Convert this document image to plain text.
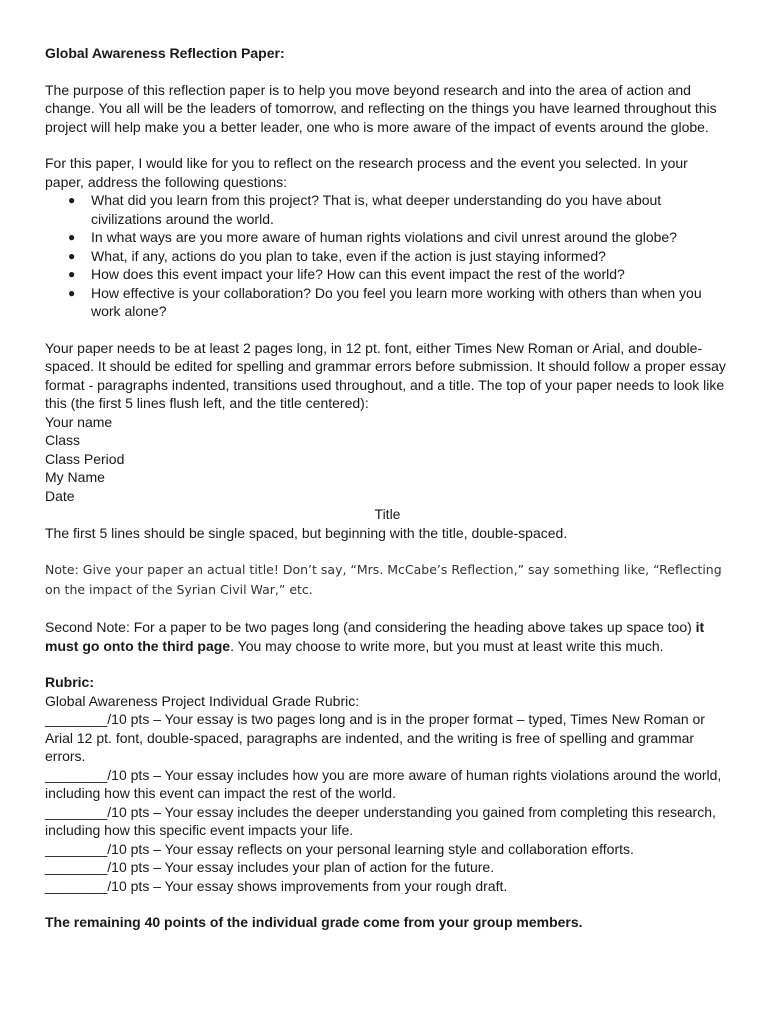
Global Awareness Reflection Paper:

The purpose of this reflection paper is to help you move beyond research and into the area of action and change. You all will be the leaders of tomorrow, and reflecting on the things you have learned throughout this project will help make you a better leader, one who is more aware of the impact of events around the globe.

For this paper, I would like for you to reflect on the research process and the event you selected. In your paper, address the following questions:

● What did you learn from this project? That is, what deeper understanding do you have about civilizations around the world.
● In what ways are you more aware of human rights violations and civil unrest around the globe?
● What, if any, actions do you plan to take, even if the action is just staying informed?
● How does this event impact your life? How can this event impact the rest of the world?
● How effective is your collaboration? Do you feel you learn more working with others than when you work alone?

Your paper needs to be at least 2 pages long, in 12 pt. font, either Times New Roman or Arial, and double-spaced. It should be edited for spelling and grammar errors before submission. It should follow a proper essay format - paragraphs indented, transitions used throughout, and a title. The top of your paper needs to look like this (the first 5 lines flush left, and the title centered):

Your name
Class
Class Period
My Name
Date
Title

The first 5 lines should be single spaced, but beginning with the title, double-spaced.

Note: Give your paper an actual title! Don’t say, “Mrs. McCabe’s Reflection,” say something like, “Reflecting on the impact of the Syrian Civil War,” etc.

Second Note: For a paper to be two pages long (and considering the heading above takes up space too) it must go onto the third page. You may choose to write more, but you must at least write this much.

Rubric:

Global Awareness Project Individual Grade Rubric:

________/10 pts – Your essay is two pages long and is in the proper format – typed, Times New Roman or Arial 12 pt. font, double-spaced, paragraphs are indented, and the writing is free of spelling and grammar errors.

________/10 pts – Your essay includes how you are more aware of human rights violations around the world, including how this event can impact the rest of the world.

________/10 pts – Your essay includes the deeper understanding you gained from completing this research, including how this specific event impacts your life.

________/10 pts – Your essay reflects on your personal learning style and collaboration efforts.

________/10 pts – Your essay includes your plan of action for the future.

________/10 pts – Your essay shows improvements from your rough draft.

The remaining 40 points of the individual grade come from your group members.
